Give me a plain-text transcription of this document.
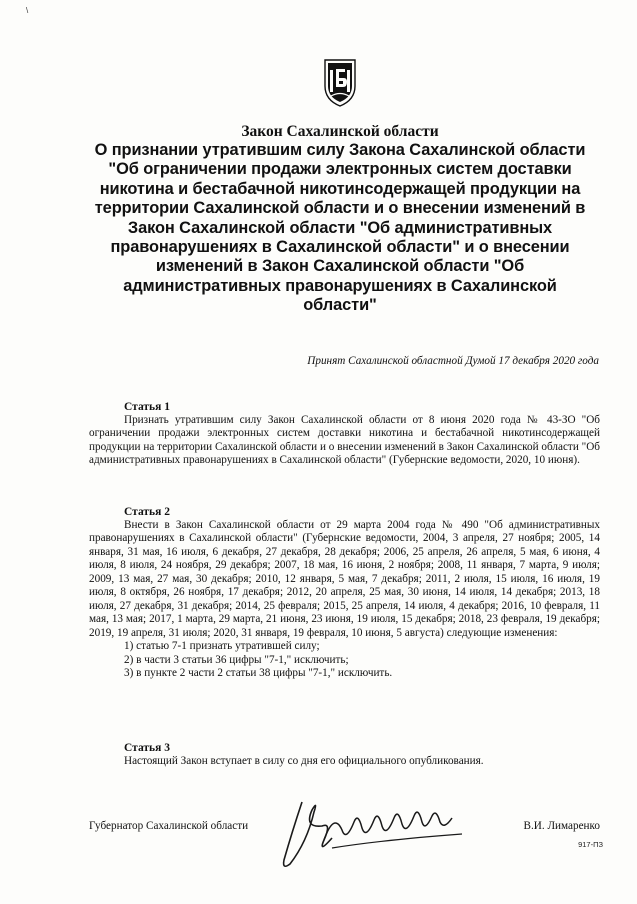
\
Закон Сахалинской области
О признании утратившим силу Закона Сахалинской области "Об ограничении продажи электронных систем доставки никотина и бестабачной никотинсодержащей продукции на территории Сахалинской области и о внесении изменений в Закон Сахалинской области "Об административных правонарушениях в Сахалинской области" и о внесении изменений в Закон Сахалинской области "Об административных правонарушениях в Сахалинской области"
Принят Сахалинской областной Думой 17 декабря 2020 года
Статья 1

Признать утратившим силу Закон Сахалинской области от 8 июня 2020 года № 43-ЗО "Об ограничении продажи электронных систем доставки никотина и бестабачной никотинсодержащей продукции на территории Сахалинской области и о внесении изменений в Закон Сахалинской области "Об административных правонарушениях в Сахалинской области" (Губернские ведомости, 2020, 10 июня).

Статья 2

Внести в Закон Сахалинской области от 29 марта 2004 года № 490 "Об административных правонарушениях в Сахалинской области" (Губернские ведомости, 2004, 3 апреля, 27 ноября; 2005, 14 января, 31 мая, 16 июля, 6 декабря, 27 декабря, 28 декабря; 2006, 25 апреля, 26 апреля, 5 мая, 6 июня, 4 июля, 8 июля, 24 ноября, 29 декабря; 2007, 18 мая, 16 июня, 2 ноября; 2008, 11 января, 7 марта, 9 июля; 2009, 13 мая, 27 мая, 30 декабря; 2010, 12 января, 5 мая, 7 декабря; 2011, 2 июля, 15 июля, 16 июля, 19 июля, 8 октября, 26 ноября, 17 декабря; 2012, 20 апреля, 25 мая, 30 июня, 14 июля, 14 декабря; 2013, 18 июля, 27 декабря, 31 декабря; 2014, 25 февраля; 2015, 25 апреля, 14 июля, 4 декабря; 2016, 10 февраля, 11 мая, 13 мая; 2017, 1 марта, 29 марта, 21 июня, 23 июня, 19 июля, 15 декабря; 2018, 23 февраля, 19 декабря; 2019, 19 апреля, 31 июля; 2020, 31 января, 19 февраля, 10 июня, 5 августа) следующие изменения:

1) статью 7-1 признать утратившей силу;

2) в части 3 статьи 36 цифры "7-1," исключить;

3) в пункте 2 части 2 статьи 38 цифры "7-1," исключить.

Статья 3

Настоящий Закон вступает в силу со дня его официального опубликования.

Губернатор Сахалинской области	В.И. Лимаренко
917-ПЗ
